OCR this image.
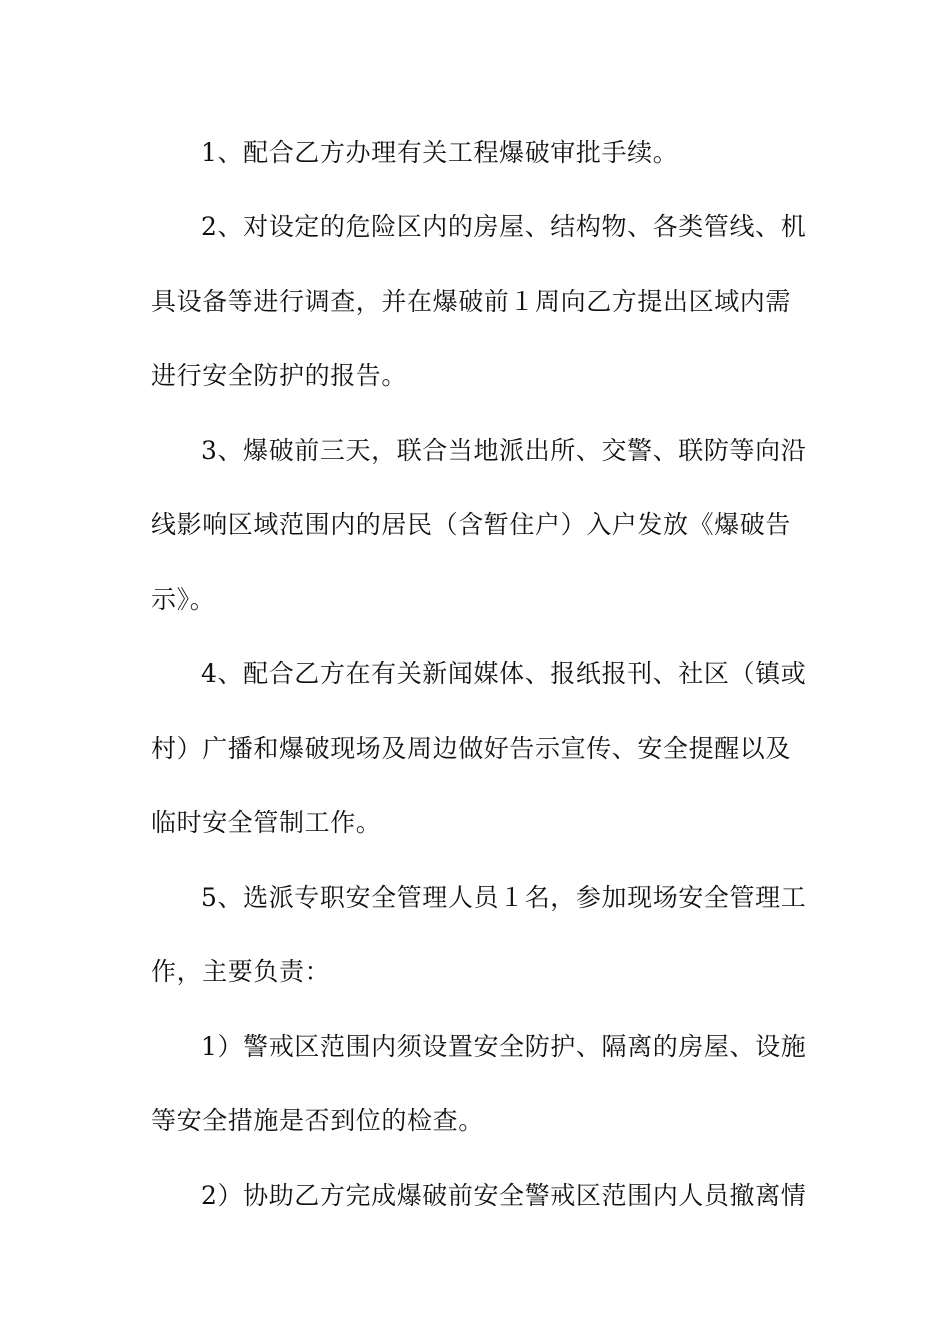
1、配合乙方办理有关工程爆破审批手续。
2、对设定的危险区内的房屋、结构物、各类管线、机
具设备等进行调查，并在爆破前１周向乙方提出区域内需
进行安全防护的报告。
3、爆破前三天，联合当地派出所、交警、联防等向沿
线影响区域范围内的居民（含暂住户）入户发放《爆破告
示》。
4、配合乙方在有关新闻媒体、报纸报刊、社区（镇或
村）广播和爆破现场及周边做好告示宣传、安全提醒以及
临时安全管制工作。
5、选派专职安全管理人员１名，参加现场安全管理工
作，主要负责：
1）警戒区范围内须设置安全防护、隔离的房屋、设施
等安全措施是否到位的检查。
2）协助乙方完成爆破前安全警戒区范围内人员撤离情
